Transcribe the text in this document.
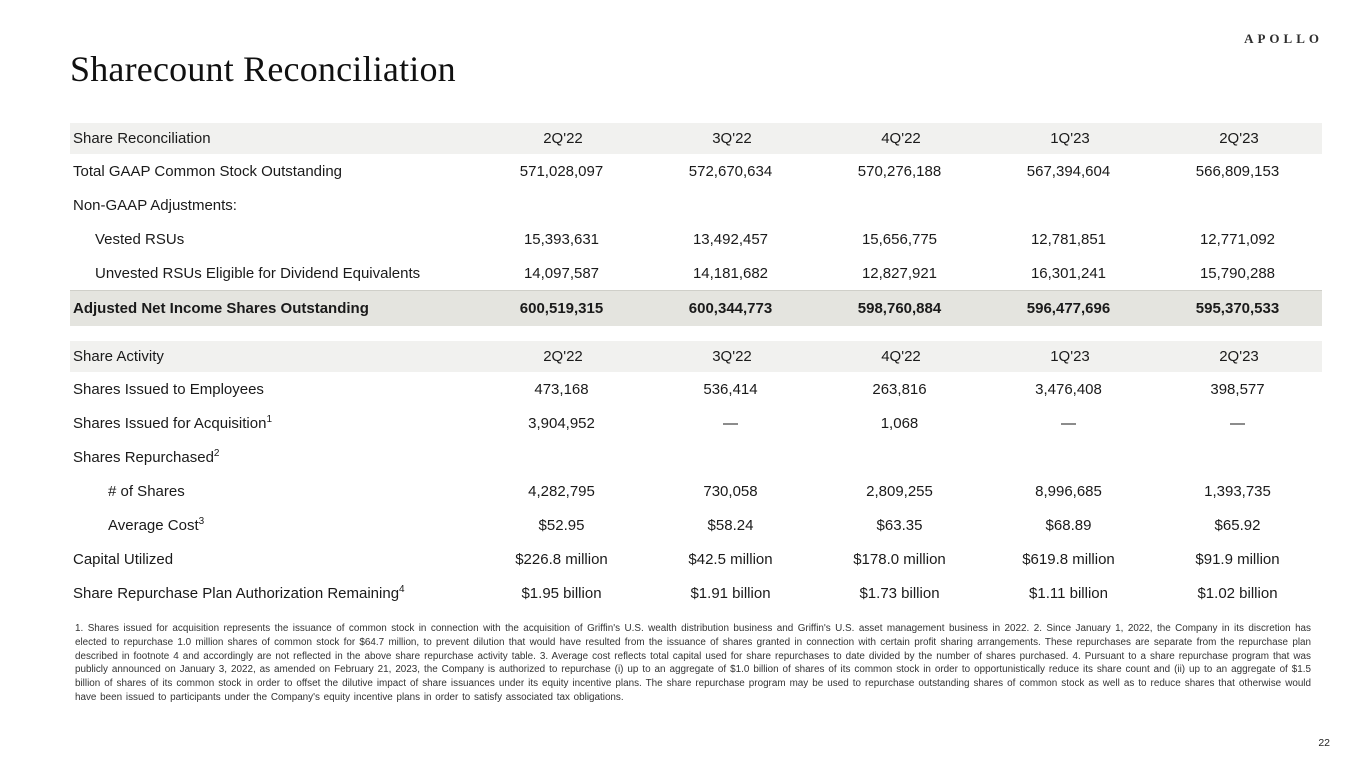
APOLLO
Sharecount Reconciliation
Share Reconciliation	2Q'22	3Q'22	4Q'22	1Q'23	2Q'23
Total GAAP Common Stock Outstanding	571,028,097	572,670,634	570,276,188	567,394,604	566,809,153
Non-GAAP Adjustments:					
Vested RSUs	15,393,631	13,492,457	15,656,775	12,781,851	12,771,092
Unvested RSUs Eligible for Dividend Equivalents	14,097,587	14,181,682	12,827,921	16,301,241	15,790,288
Adjusted Net Income Shares Outstanding	600,519,315	600,344,773	598,760,884	596,477,696	595,370,533
Share Activity	2Q'22	3Q'22	4Q'22	1Q'23	2Q'23
Shares Issued to Employees	473,168	536,414	263,816	3,476,408	398,577
Shares Issued for Acquisition$^1$	3,904,952	—	1,068	—	—
Shares Repurchased$^2$					
# of Shares	4,282,795	730,058	2,809,255	8,996,685	1,393,735
Average Cost$^3$	$52.95	$58.24	$63.35	$68.89	$65.92
Capital Utilized	$226.8 million	$42.5 million	$178.0 million	$619.8 million	$91.9 million
Share Repurchase Plan Authorization Remaining$^4$	$1.95 billion	$1.91 billion	$1.73 billion	$1.11 billion	$1.02 billion
1. Shares issued for acquisition represents the issuance of common stock in connection with the acquisition of Griffin's U.S. wealth distribution business and Griffin's U.S. asset management business in 2022. 2. Since January 1, 2022, the Company in its discretion has elected to repurchase 1.0 million shares of common stock for $64.7 million, to prevent dilution that would have resulted from the issuance of shares granted in connection with certain profit sharing arrangements. These repurchases are separate from the repurchase plan described in footnote 4 and accordingly are not reflected in the above share repurchase activity table. 3. Average cost reflects total capital used for share repurchases to date divided by the number of shares purchased. 4. Pursuant to a share repurchase program that was publicly announced on January 3, 2022, as amended on February 21, 2023, the Company is authorized to repurchase (i) up to an aggregate of $1.0 billion of shares of its common stock in order to opportunistically reduce its share count and (ii) up to an aggregate of $1.5 billion of shares of its common stock in order to offset the dilutive impact of share issuances under its equity incentive plans. The share repurchase program may be used to repurchase outstanding shares of common stock as well as to reduce shares that otherwise would have been issued to participants under the Company's equity incentive plans in order to satisfy associated tax obligations.
22
